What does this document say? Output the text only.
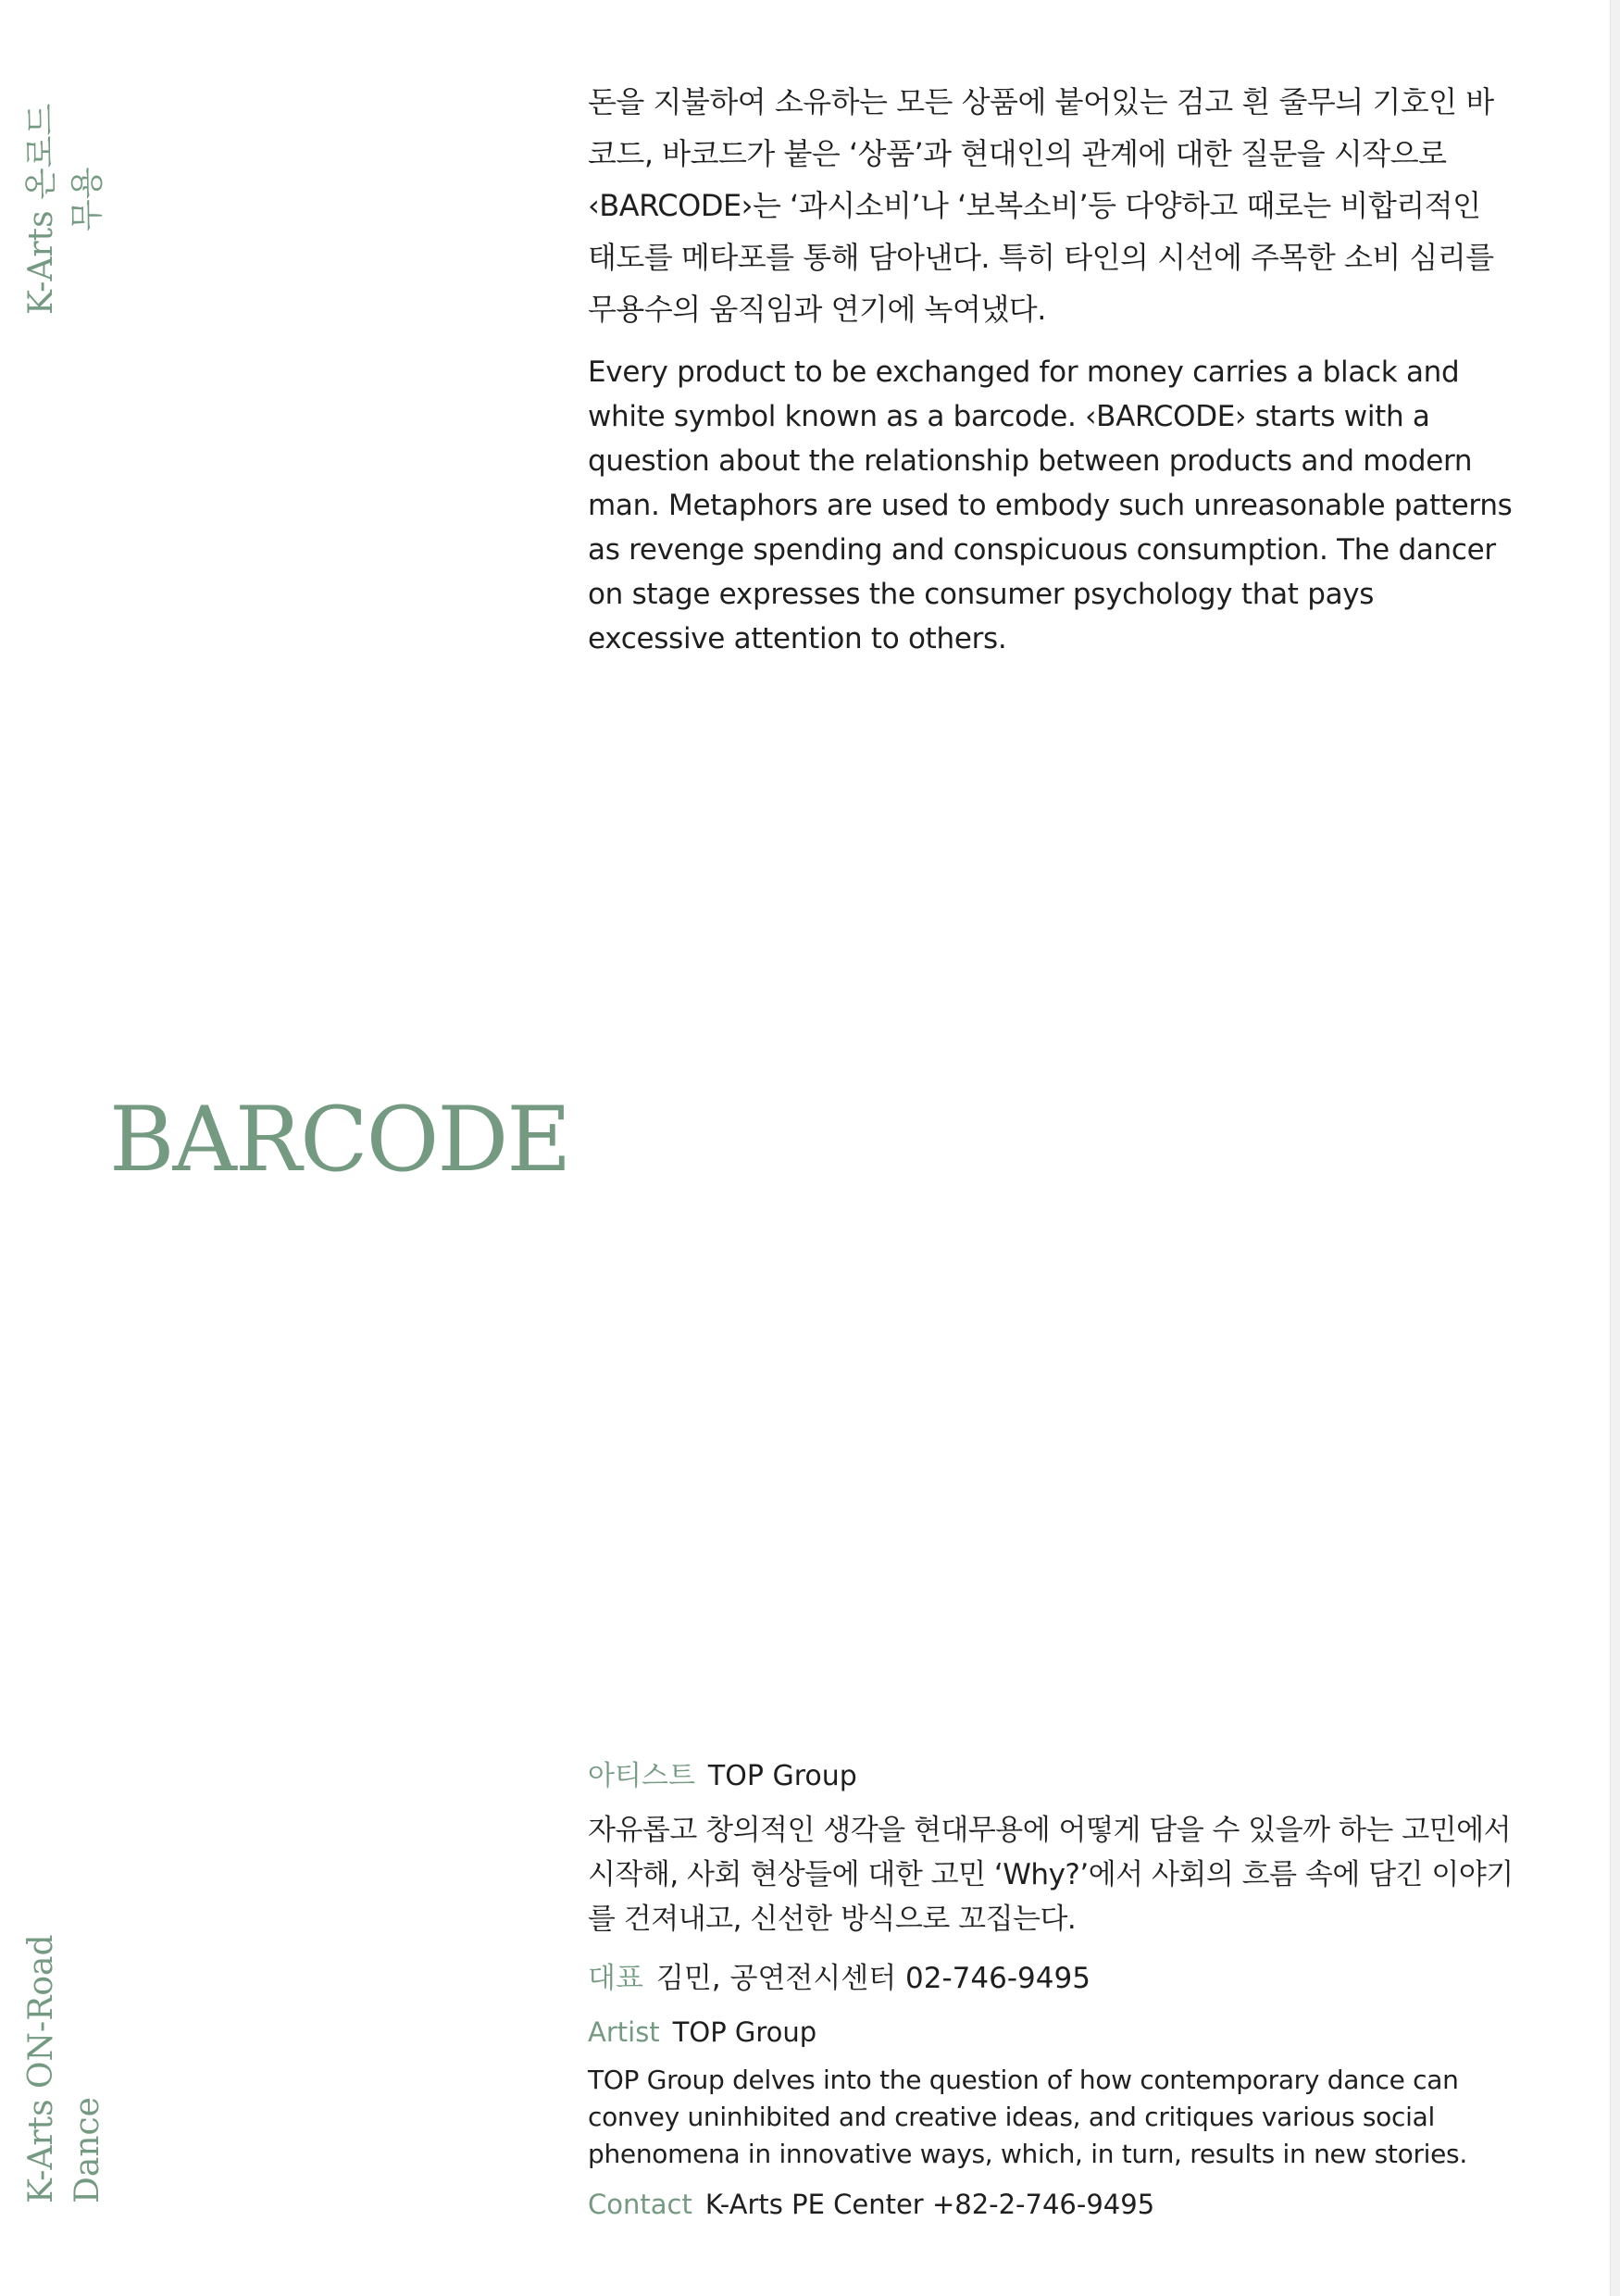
K-Arts 온로드 무용
K-Arts ON-Road Dance

돈을 지불하여 소유하는 모든 상품에 붙어있는 검고 흰 줄무늬 기호인 바코드, 바코드가 붙은 ‘상품’과 현대인의 관계에 대한 질문을 시작으로 ‹BARCODE›는 ‘과시소비’나 ‘보복소비’등 다양하고 때로는 비합리적인 태도를 메타포를 통해 담아낸다. 특히 타인의 시선에 주목한 소비 심리를 무용수의 움직임과 연기에 녹여냈다.

Every product to be exchanged for money carries a black and white symbol known as a barcode. ‹BARCODE› starts with a question about the relationship between products and modern man. Metaphors are used to embody such unreasonable patterns as revenge spending and conspicuous consumption. The dancer on stage expresses the consumer psychology that pays excessive attention to others.

BARCODE
아티스트 TOP Group

자유롭고 창의적인 생각을 현대무용에 어떻게 담을 수 있을까 하는 고민에서 시작해, 사회 현상들에 대한 고민 ‘Why?’에서 사회의 흐름 속에 담긴 이야기를 건져내고, 신선한 방식으로 꼬집는다.

대표 김민, 공연전시센터 02-746-9495
Artist TOP Group

TOP Group delves into the question of how contemporary dance can convey uninhibited and creative ideas, and critiques various social phenomena in innovative ways, which, in turn, results in new stories.

Contact K-Arts PE Center +82-2-746-9495
